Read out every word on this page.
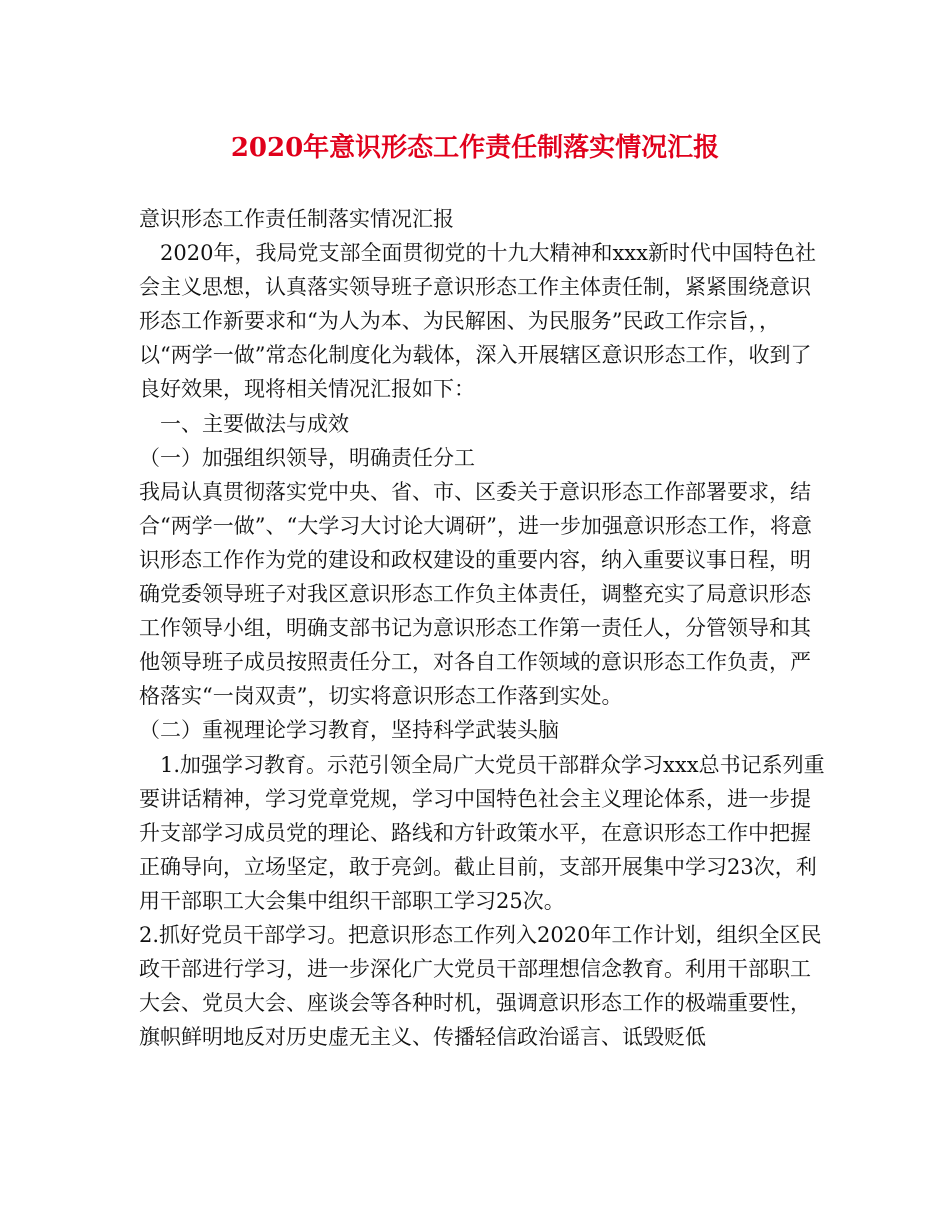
2020年意识形态工作责任制落实情况汇报

意识形态工作责任制落实情况汇报

2020年，我局党支部全面贯彻党的十九大精神和xxx新时代中国特色社会主义思想，认真落实领导班子意识形态工作主体责任制，紧紧围绕意识形态工作新要求和“为人为本、为民解困、为民服务”民政工作宗旨，，以“两学一做”常态化制度化为载体，深入开展辖区意识形态工作，收到了良好效果，现将相关情况汇报如下：

一、主要做法与成效

（一）加强组织领导，明确责任分工

我局认真贯彻落实党中央、省、市、区委关于意识形态工作部署要求，结合“两学一做”、“大学习大讨论大调研”，进一步加强意识形态工作，将意识形态工作作为党的建设和政权建设的重要内容，纳入重要议事日程，明确党委领导班子对我区意识形态工作负主体责任，调整充实了局意识形态工作领导小组，明确支部书记为意识形态工作第一责任人，分管领导和其他领导班子成员按照责任分工，对各自工作领域的意识形态工作负责，严格落实“一岗双责”，切实将意识形态工作落到实处。

（二）重视理论学习教育，坚持科学武装头脑

1.加强学习教育。示范引领全局广大党员干部群众学习xxx总书记系列重要讲话精神，学习党章党规，学习中国特色社会主义理论体系，进一步提升支部学习成员党的理论、路线和方针政策水平，在意识形态工作中把握正确导向，立场坚定，敢于亮剑。截止目前，支部开展集中学习23次，利用干部职工大会集中组织干部职工学习25次。

2.抓好党员干部学习。把意识形态工作列入2020年工作计划，组织全区民政干部进行学习，进一步深化广大党员干部理想信念教育。利用干部职工大会、党员大会、座谈会等各种时机，强调意识形态工作的极端重要性，旗帜鲜明地反对历史虚无主义、传播轻信政治谣言、诋毁贬低
